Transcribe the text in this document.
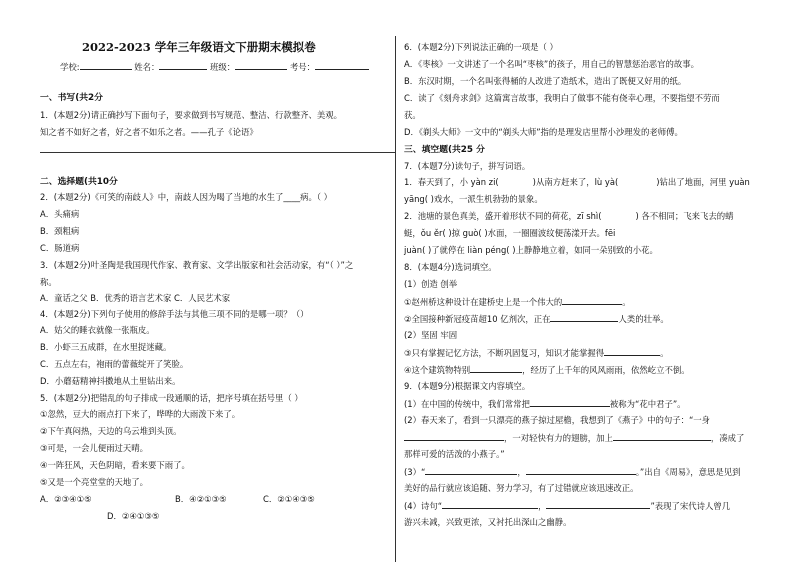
2022-2023 学年三年级语文下册期末模拟卷
学校:	姓名：	班级：	考号：
一、书写(共2分
1．(本题2分)请正确抄写下面句子，要求做到书写规范、整洁、行款整齐、美观。
知之者不如好之者，好之者不如乐之者。——孔子《论语》
二、选择题(共10分
2．(本题2分)《可笑的南歧人》中，南歧人因为喝了当地的水生了____病。（ ）
A．头痛病
B．颈粗病
C．肠道病
3．(本题2分)叶圣陶是我国现代作家、教育家、文学出版家和社会活动家，有“（ ）”之
称。
A．童话之父 B．优秀的语言艺术家 C．人民艺术家
4．(本题2分)下列句子使用的修辞手法与其他三项不同的是哪一项？（）
A．姑父的睡衣就像一张瓶皮。
B．小虾三五成群，在水里捉迷藏。
C．五点左右，袍雨的蕾薇绽开了笑脸。
D．小蘑菇精神抖擞地从土里钻出来。
5．(本题2分)把错乱的句子排成一段通顺的话，把序号填在括号里（ ）
①忽然，豆大的雨点打下来了，哗哗的大雨泼下来了。
②下午真闷热，天边的乌云堆到头顶。
③可是，一会儿便雨过天晴。
④一阵狂风，天色阴暗，看来要下雨了。
⑤又是一个亮堂堂的天地了。
A．②③④①⑤	B．④②①③⑤	C．②①④③⑤
D．②④①③⑤
6．(本题2分)下列说法正确的一项是（ ）
A．《枣核》一文讲述了一个名叫“枣核”的孩子，用自己的智慧惩治恶官的故事。
B．东汉时期，一个名叫张得桶的人改进了造纸术，造出了既便又好用的纸。
C．读了《刻舟求剑》这篇寓言故事，我明白了做事不能有侥幸心理，不要指望不劳而
获。
D．《剃头大师》一文中的“剃头大师”指的是理发店里帮小沙理发的老师傅。
三、填空题(共25 分
7．(本题7分)读句子，拼写词语。
1．春天到了，小 yàn zi(	)从南方赶来了，lù yà(	)钻出了地面，河里 yuàn
yāng( )戏水，一派生机勃勃的景象。
2．池塘的景色真美，盛开着形状不同的荷花，zī shì(	) 各不相同；飞来飞去的蜻
蜓，ǒu ěr( )掠 guò( )水面，一圈圈波纹便荡漾开去。fēi
juàn( )了就停在 liàn péng( )上静静地立着，如同一朵别致的小花。
8．(本题4分)选词填空。
(1）创造 创举
①赵州桥这种设计在建桥史上是一个伟大的	。
②全国接种新冠疫苗超10 亿剂次，正在	人类的壮举。
(2）坚固 牢固
③只有掌握记忆方法，不断巩固复习，知识才能掌握得	。
④这个建筑物特别	，经历了上千年的风风雨雨，依然屹立不倒。
9．(本题9分)根据课文内容填空。
(1）在中国的传统中，我们常常把	被称为“花中君子”。
(2）春天来了，看到一只漂亮的燕子掠过屋檐，我想到了《燕子》中的句子：“一身
，一对轻快有力的翅膀，加上	，凑成了
那样可爱的活泼的小燕子。”
(3）“	，	。”出自《周易》，意思是见到
美好的品行就应该追随、努力学习，有了过错就应该迅速改正。
(4）诗句“	，	”表现了宋代诗人曾几
游兴未减，兴致更浓，又衬托出深山之幽静。
